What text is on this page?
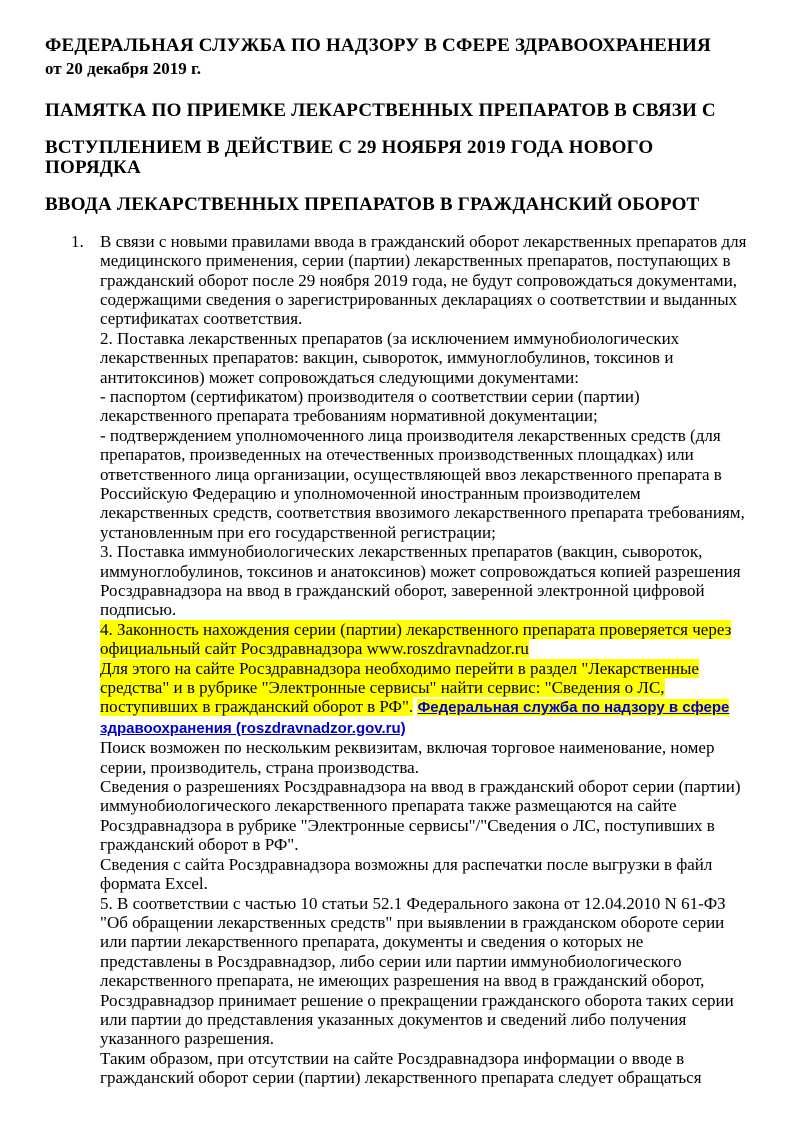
ФЕДЕРАЛЬНАЯ СЛУЖБА ПО НАДЗОРУ В СФЕРЕ ЗДРАВООХРАНЕНИЯ
от 20 декабря 2019 г.
ПАМЯТКА ПО ПРИЕМКЕ ЛЕКАРСТВЕННЫХ ПРЕПАРАТОВ В СВЯЗИ С
ВСТУПЛЕНИЕМ В ДЕЙСТВИЕ С 29 НОЯБРЯ 2019 ГОДА НОВОГО ПОРЯДКА
ВВОДА ЛЕКАРСТВЕННЫХ ПРЕПАРАТОВ В ГРАЖДАНСКИЙ ОБОРОТ
1. В связи с новыми правилами ввода в гражданский оборот лекарственных препаратов для медицинского применения, серии (партии) лекарственных препаратов, поступающих в гражданский оборот после 29 ноября 2019 года, не будут сопровождаться документами, содержащими сведения о зарегистрированных декларациях о соответствии и выданных сертификатах соответствия.
2. Поставка лекарственных препаратов (за исключением иммунобиологических лекарственных препаратов: вакцин, сывороток, иммуноглобулинов, токсинов и антитоксинов) может сопровождаться следующими документами:
- паспортом (сертификатом) производителя о соответствии серии (партии) лекарственного препарата требованиям нормативной документации;
- подтверждением уполномоченного лица производителя лекарственных средств (для препаратов, произведенных на отечественных производственных площадках) или ответственного лица организации, осуществляющей ввоз лекарственного препарата в Российскую Федерацию и уполномоченной иностранным производителем лекарственных средств, соответствия ввозимого лекарственного препарата требованиям, установленным при его государственной регистрации;
3. Поставка иммунобиологических лекарственных препаратов (вакцин, сывороток, иммуноглобулинов, токсинов и анатоксинов) может сопровождаться копией разрешения Росздравнадзора на ввод в гражданский оборот, заверенной электронной цифровой подписью.
4. Законность нахождения серии (партии) лекарственного препарата проверяется через официальный сайт Росздравнадзора www.roszdravnadzor.ru
Для этого на сайте Росздравнадзора необходимо перейти в раздел "Лекарственные средства" и в рубрике "Электронные сервисы" найти сервис: "Сведения о ЛС, поступивших в гражданский оборот в РФ". Федеральная служба по надзору в сфере здравоохранения (roszdravnadzor.gov.ru)
Поиск возможен по нескольким реквизитам, включая торговое наименование, номер серии, производитель, страна производства.
Сведения о разрешениях Росздравнадзора на ввод в гражданский оборот серии (партии) иммунобиологического лекарственного препарата также размещаются на сайте Росздравнадзора в рубрике "Электронные сервисы"/"Сведения о ЛС, поступивших в гражданский оборот в РФ".
Сведения с сайта Росздравнадзора возможны для распечатки после выгрузки в файл формата Excel.
5. В соответствии с частью 10 статьи 52.1 Федерального закона от 12.04.2010 N 61-ФЗ "Об обращении лекарственных средств" при выявлении в гражданском обороте серии или партии лекарственного препарата, документы и сведения о которых не представлены в Росздравнадзор, либо серии или партии иммунобиологического лекарственного препарата, не имеющих разрешения на ввод в гражданский оборот, Росздравнадзор принимает решение о прекращении гражданского оборота таких серии или партии до представления указанных документов и сведений либо получения указанного разрешения.
Таким образом, при отсутствии на сайте Росздравнадзора информации о вводе в гражданский оборот серии (партии) лекарственного препарата следует обращаться
